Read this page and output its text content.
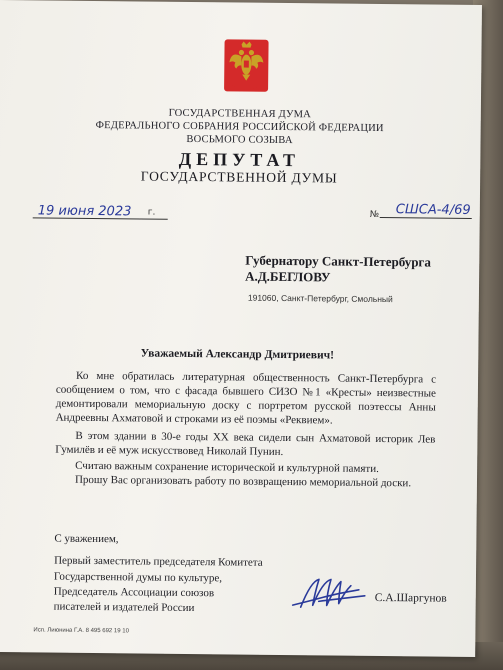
ГОСУДАРСТВЕННАЯ ДУМА
ФЕДЕРАЛЬНОГО СОБРАНИЯ РОССИЙСКОЙ ФЕДЕРАЦИИ
ВОСЬМОГО СОЗЫВА
ДЕПУТАТ
ГОСУДАРСТВЕННОЙ ДУМЫ
19 июня 2023 г.	№ СШСА-4/69
Губернатору Санкт-Петербурга
А.Д.БЕГЛОВУ
191060, Санкт-Петербург, Смольный
Уважаемый Александр Дмитриевич!
Ко мне обратилась литературная общественность Санкт-Петербурга с сообщением о том, что с фасада бывшего СИЗО №1 «Кресты» неизвестные демонтировали мемориальную доску с портретом русской поэтессы Анны Андреевны Ахматовой и строками из её поэмы «Реквием».
В этом здании в 30-е годы XX века сидели сын Ахматовой историк Лев Гумилёв и её муж искусствовед Николай Пунин.
Считаю важным сохранение исторической и культурной памяти.
Прошу Вас организовать работу по возвращению мемориальной доски.
С уважением,
Первый заместитель председателя Комитета
Государственной думы по культуре,
Председатель Ассоциации союзов
писателей и издателей России
С.А.Шаргунов
Исп. Лиюнина Г.А. 8 495 692 19 10
